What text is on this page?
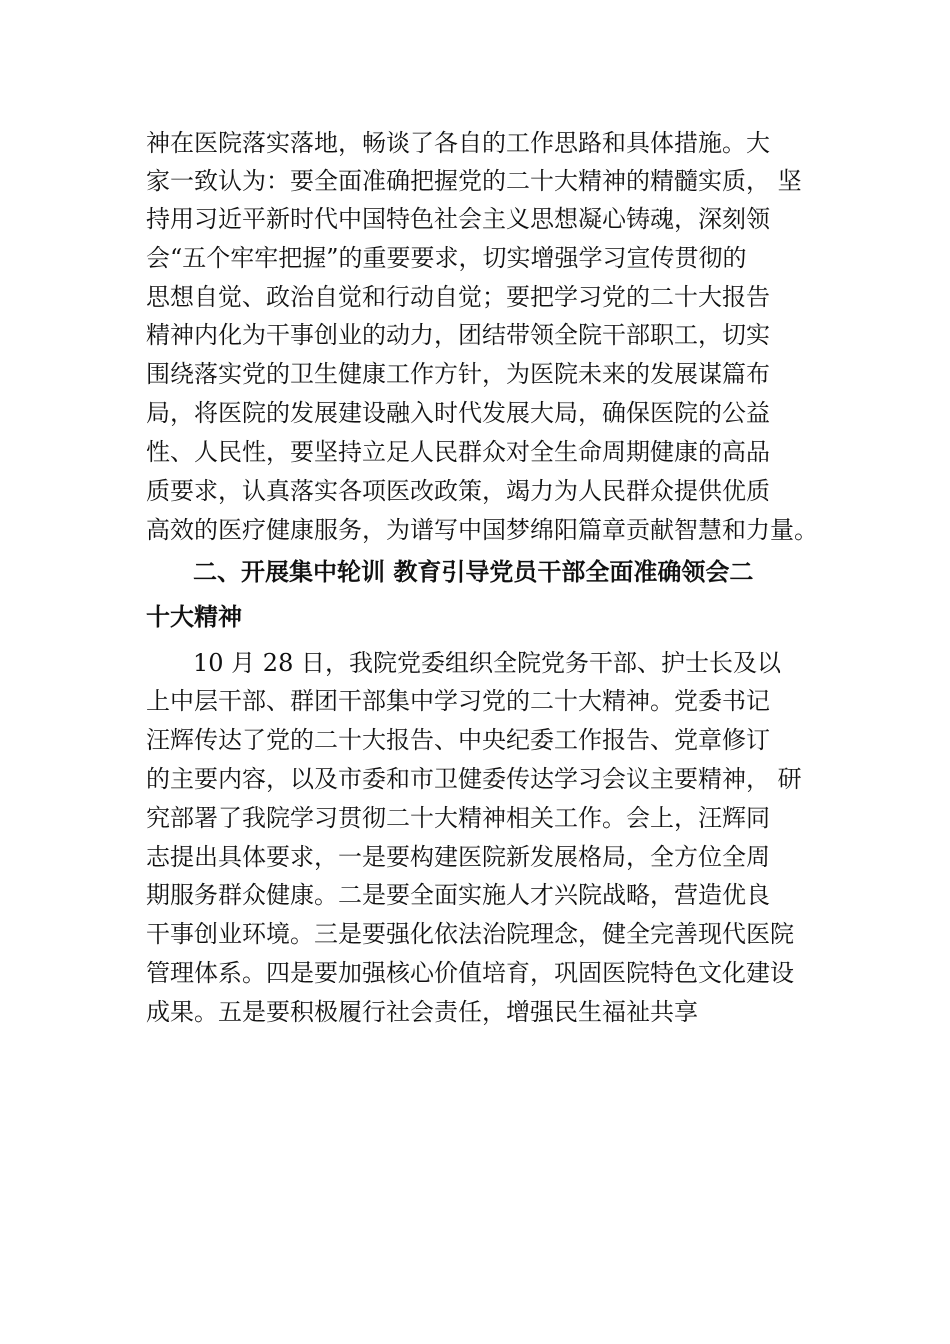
神在医院落实落地，畅谈了各自的工作思路和具体措施。大
家一致认为：要全面准确把握党的二十大精神的精髓实质， 坚
持用习近平新时代中国特色社会主义思想凝心铸魂，深刻领
会“五个牢牢把握”的重要要求，切实增强学习宣传贯彻的
思想自觉、政治自觉和行动自觉；要把学习党的二十大报告
精神内化为干事创业的动力，团结带领全院干部职工，切实
围绕落实党的卫生健康工作方针，为医院未来的发展谋篇布
局，将医院的发展建设融入时代发展大局，确保医院的公益
性、人民性，要坚持立足人民群众对全生命周期健康的高品
质要求，认真落实各项医改政策，竭力为人民群众提供优质
高效的医疗健康服务，为谱写中国梦绵阳篇章贡献智慧和力量。
二、开展集中轮训 教育引导党员干部全面准确领会二
十大精神
10 月 28 日，我院党委组织全院党务干部、护士长及以
上中层干部、群团干部集中学习党的二十大精神。党委书记
汪辉传达了党的二十大报告、中央纪委工作报告、党章修订
的主要内容，以及市委和市卫健委传达学习会议主要精神， 研
究部署了我院学习贯彻二十大精神相关工作。会上，汪辉同
志提出具体要求，一是要构建医院新发展格局，全方位全周
期服务群众健康。二是要全面实施人才兴院战略，营造优良
干事创业环境。三是要强化依法治院理念，健全完善现代医院
管理体系。四是要加强核心价值培育，巩固医院特色文化建设
成果。五是要积极履行社会责任，增强民生福祉共享
